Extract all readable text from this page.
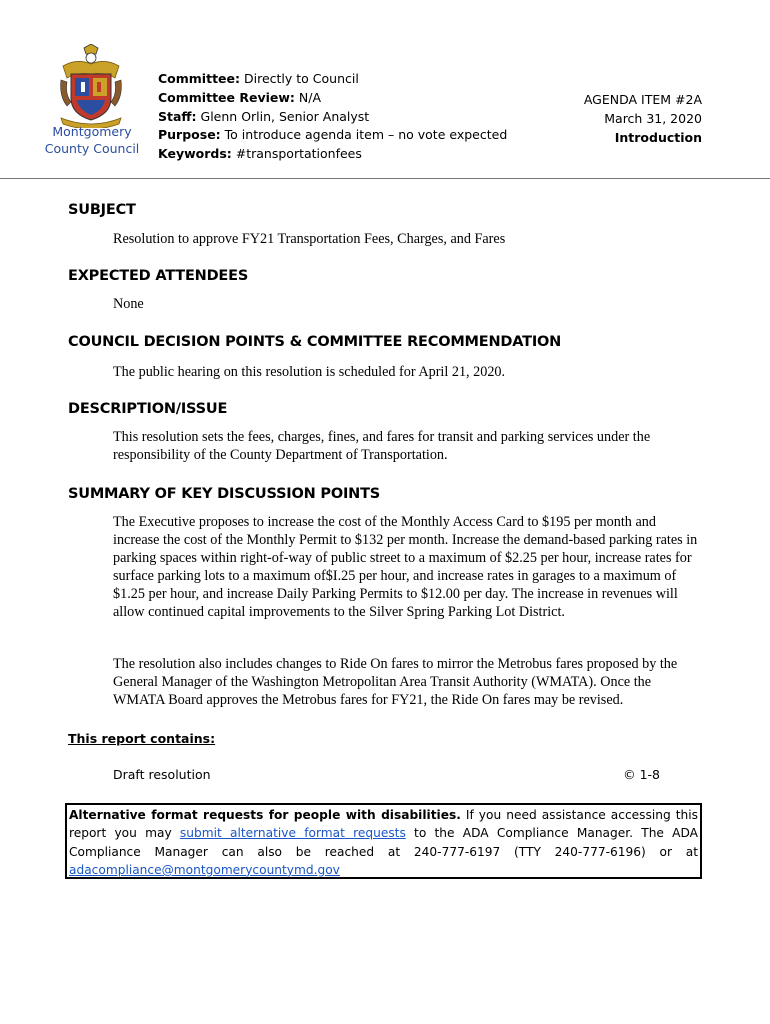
Montgomery
County Council
Committee: Directly to Council
Committee Review: N/A
Staff: Glenn Orlin, Senior Analyst
Purpose: To introduce agenda item – no vote expected
Keywords: #transportationfees
AGENDA ITEM #2A
March 31, 2020
Introduction
SUBJECT
Resolution to approve FY21 Transportation Fees, Charges, and Fares
EXPECTED ATTENDEES
None
COUNCIL DECISION POINTS & COMMITTEE RECOMMENDATION
The public hearing on this resolution is scheduled for April 21, 2020.
DESCRIPTION/ISSUE
This resolution sets the fees, charges, fines, and fares for transit and parking services under the responsibility of the County Department of Transportation.
SUMMARY OF KEY DISCUSSION POINTS
The Executive proposes to increase the cost of the Monthly Access Card to $195 per month and increase the cost of the Monthly Permit to $132 per month. Increase the demand-based parking rates in parking spaces within right-of-way of public street to a maximum of $2.25 per hour, increase rates for surface parking lots to a maximum of$I.25 per hour, and increase rates in garages to a maximum of $1.25 per hour, and increase Daily Parking Permits to $12.00 per day. The increase in revenues will allow continued capital improvements to the Silver Spring Parking Lot District.
The resolution also includes changes to Ride On fares to mirror the Metrobus fares proposed by the General Manager of the Washington Metropolitan Area Transit Authority (WMATA). Once the WMATA Board approves the Metrobus fares for FY21, the Ride On fares may be revised.
This report contains:
Draft resolution	© 1-8
Alternative format requests for people with disabilities. If you need assistance accessing this report you may submit alternative format requests to the ADA Compliance Manager. The ADA Compliance Manager can also be reached at 240-777-6197 (TTY 240-777-6196) or at adacompliance@montgomerycountymd.gov
